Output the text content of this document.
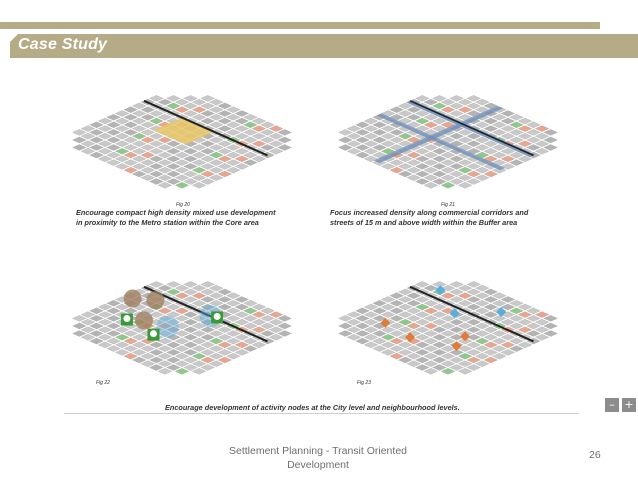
Case Study
Fig 20
Encourage compact high density mixed use development
in proximity to the Metro station within the Core area
Fig 21
Focus increased density along commercial corridors and
streets of 15 m and above width within the Buffer area
Fig 22	Fig 23
Encourage development of activity nodes at the City level and neighbourhood levels.	– +
Settlement Planning - Transit Oriented
Development
26
